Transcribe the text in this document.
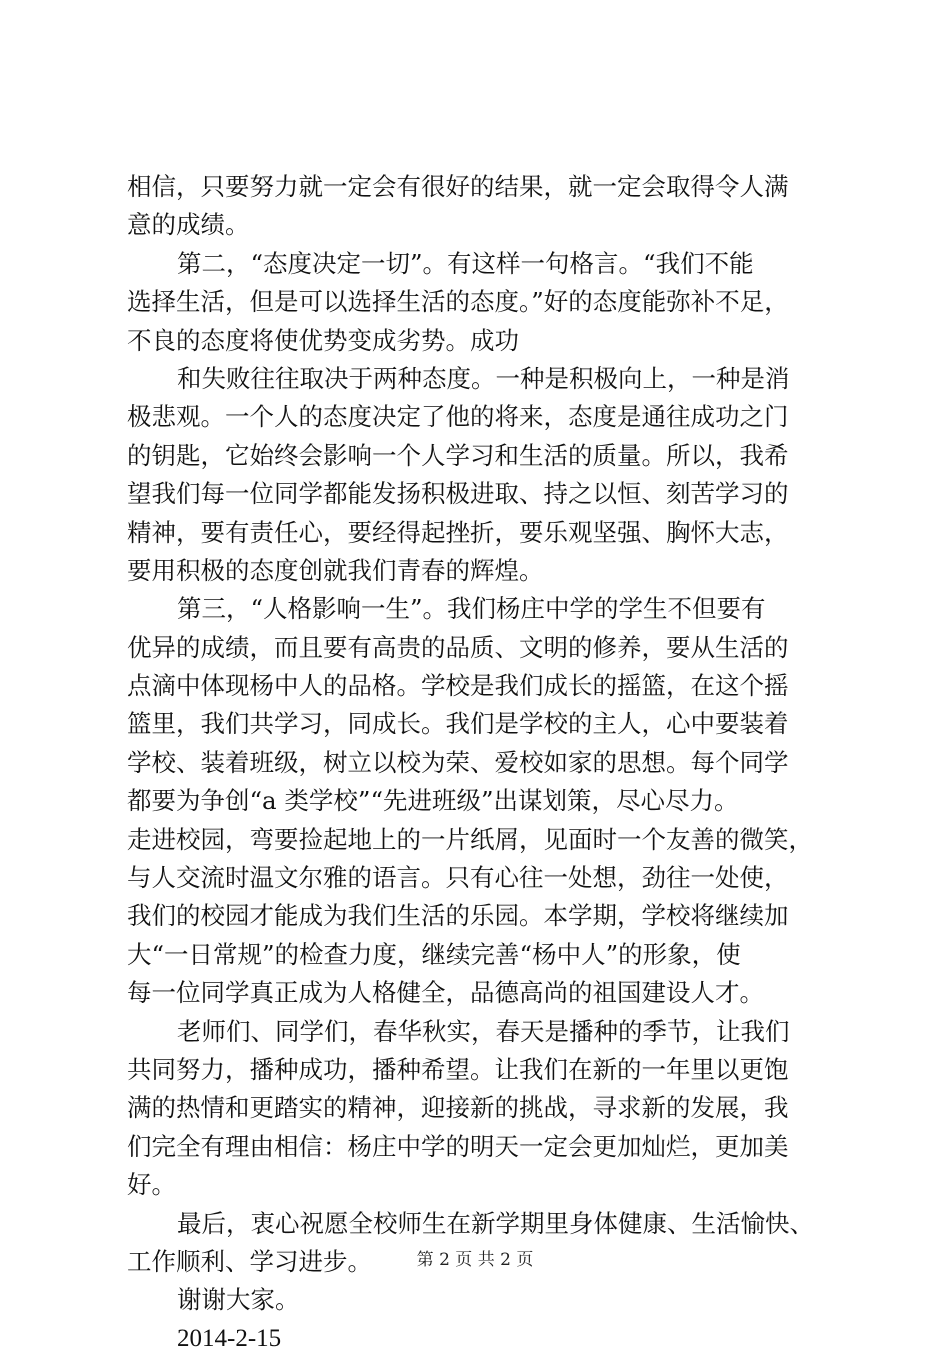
相信，只要努力就一定会有很好的结果，就一定会取得令人满
意的成绩。
第二，“态度决定一切”。有这样一句格言。“我们不能
选择生活，但是可以选择生活的态度。”好的态度能弥补不足，
不良的态度将使优势变成劣势。成功
和失败往往取决于两种态度。一种是积极向上，一种是消
极悲观。一个人的态度决定了他的将来，态度是通往成功之门
的钥匙，它始终会影响一个人学习和生活的质量。所以，我希
望我们每一位同学都能发扬积极进取、持之以恒、刻苦学习的
精神，要有责任心，要经得起挫折，要乐观坚强、胸怀大志，
要用积极的态度创就我们青春的辉煌。
第三，“人格影响一生”。我们杨庄中学的学生不但要有
优异的成绩，而且要有高贵的品质、文明的修养，要从生活的
点滴中体现杨中人的品格。学校是我们成长的摇篮，在这个摇
篮里，我们共学习，同成长。我们是学校的主人，心中要装着
学校、装着班级，树立以校为荣、爱校如家的思想。每个同学
都要为争创“a 类学校”“先进班级”出谋划策，尽心尽力。
走进校园，弯要捡起地上的一片纸屑，见面时一个友善的微笑，
与人交流时温文尔雅的语言。只有心往一处想，劲往一处使，
我们的校园才能成为我们生活的乐园。本学期，学校将继续加
大“一日常规”的检查力度，继续完善“杨中人”的形象，使
每一位同学真正成为人格健全，品德高尚的祖国建设人才。
老师们、同学们，春华秋实，春天是播种的季节，让我们
共同努力，播种成功，播种希望。让我们在新的一年里以更饱
满的热情和更踏实的精神，迎接新的挑战，寻求新的发展，我
们完全有理由相信：杨庄中学的明天一定会更加灿烂，更加美
好。
最后，衷心祝愿全校师生在新学期里身体健康、生活愉快、
工作顺利、学习进步。
谢谢大家。
2014-2-15
第 2 页 共 2 页
